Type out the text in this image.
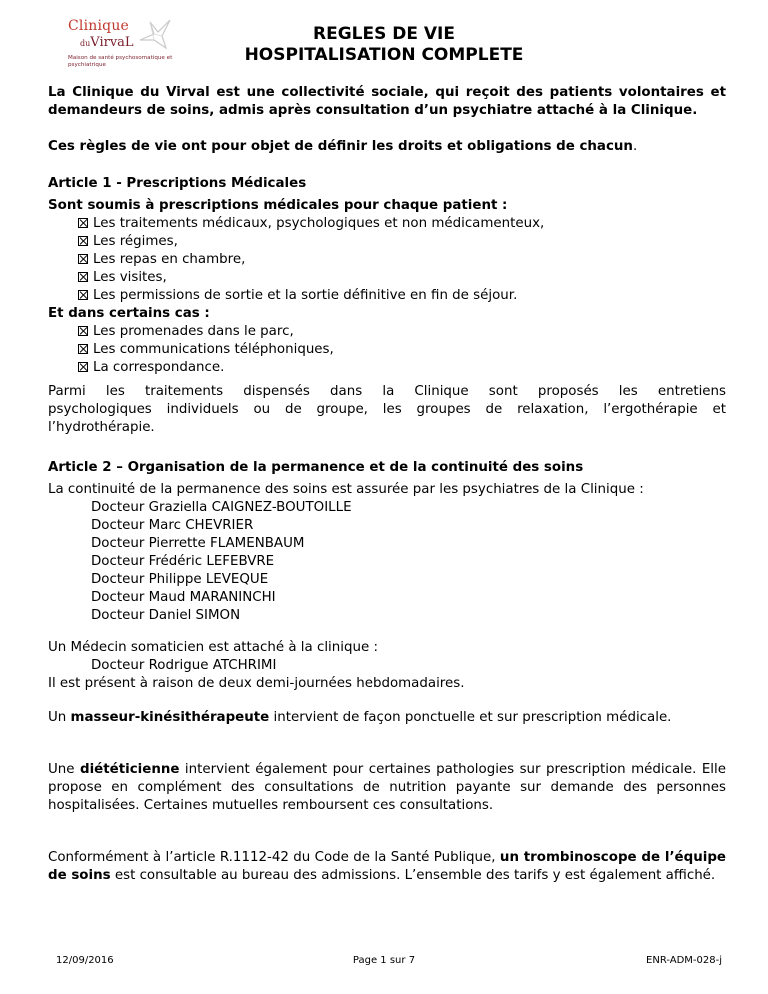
Clinique
duVirvaL
Maison de santé psychosomatique et psychiatrique
REGLES DE VIE
HOSPITALISATION COMPLETE
La Clinique du Virval est une collectivité sociale, qui reçoit des patients volontaires et demandeurs de soins, admis après consultation d’un psychiatre attaché à la Clinique.
Ces règles de vie ont pour objet de définir les droits et obligations de chacun.
Article 1 - Prescriptions Médicales
Sont soumis à prescriptions médicales pour chaque patient :
Les traitements médicaux, psychologiques et non médicamenteux,
Les régimes,
Les repas en chambre,
Les visites,
Les permissions de sortie et la sortie définitive en fin de séjour.
Et dans certains cas :
Les promenades dans le parc,
Les communications téléphoniques,
La correspondance.
Parmi les traitements dispensés dans la Clinique sont proposés les entretiens
psychologiques individuels ou de groupe, les groupes de relaxation, l’ergothérapie et
l’hydrothérapie.
Article 2 – Organisation de la permanence et de la continuité des soins
La continuité de la permanence des soins est assurée par les psychiatres de la Clinique :
Docteur Graziella CAIGNEZ-BOUTOILLE
Docteur Marc CHEVRIER
Docteur Pierrette FLAMENBAUM
Docteur Frédéric LEFEBVRE
Docteur Philippe LEVEQUE
Docteur Maud MARANINCHI
Docteur Daniel SIMON
Un Médecin somaticien est attaché à la clinique :
Docteur Rodrigue ATCHRIMI
Il est présent à raison de deux demi-journées hebdomadaires.
Un masseur-kinésithérapeute intervient de façon ponctuelle et sur prescription médicale.
Une diététicienne intervient également pour certaines pathologies sur prescription médicale. Elle propose en complément des consultations de nutrition payante sur demande des personnes hospitalisées. Certaines mutuelles remboursent ces consultations.
Conformément à l’article R.1112-42 du Code de la Santé Publique, un trombinoscope de l’équipe de soins est consultable au bureau des admissions. L’ensemble des tarifs y est également affiché.
12/09/2016	Page 1 sur 7	ENR-ADM-028-j
